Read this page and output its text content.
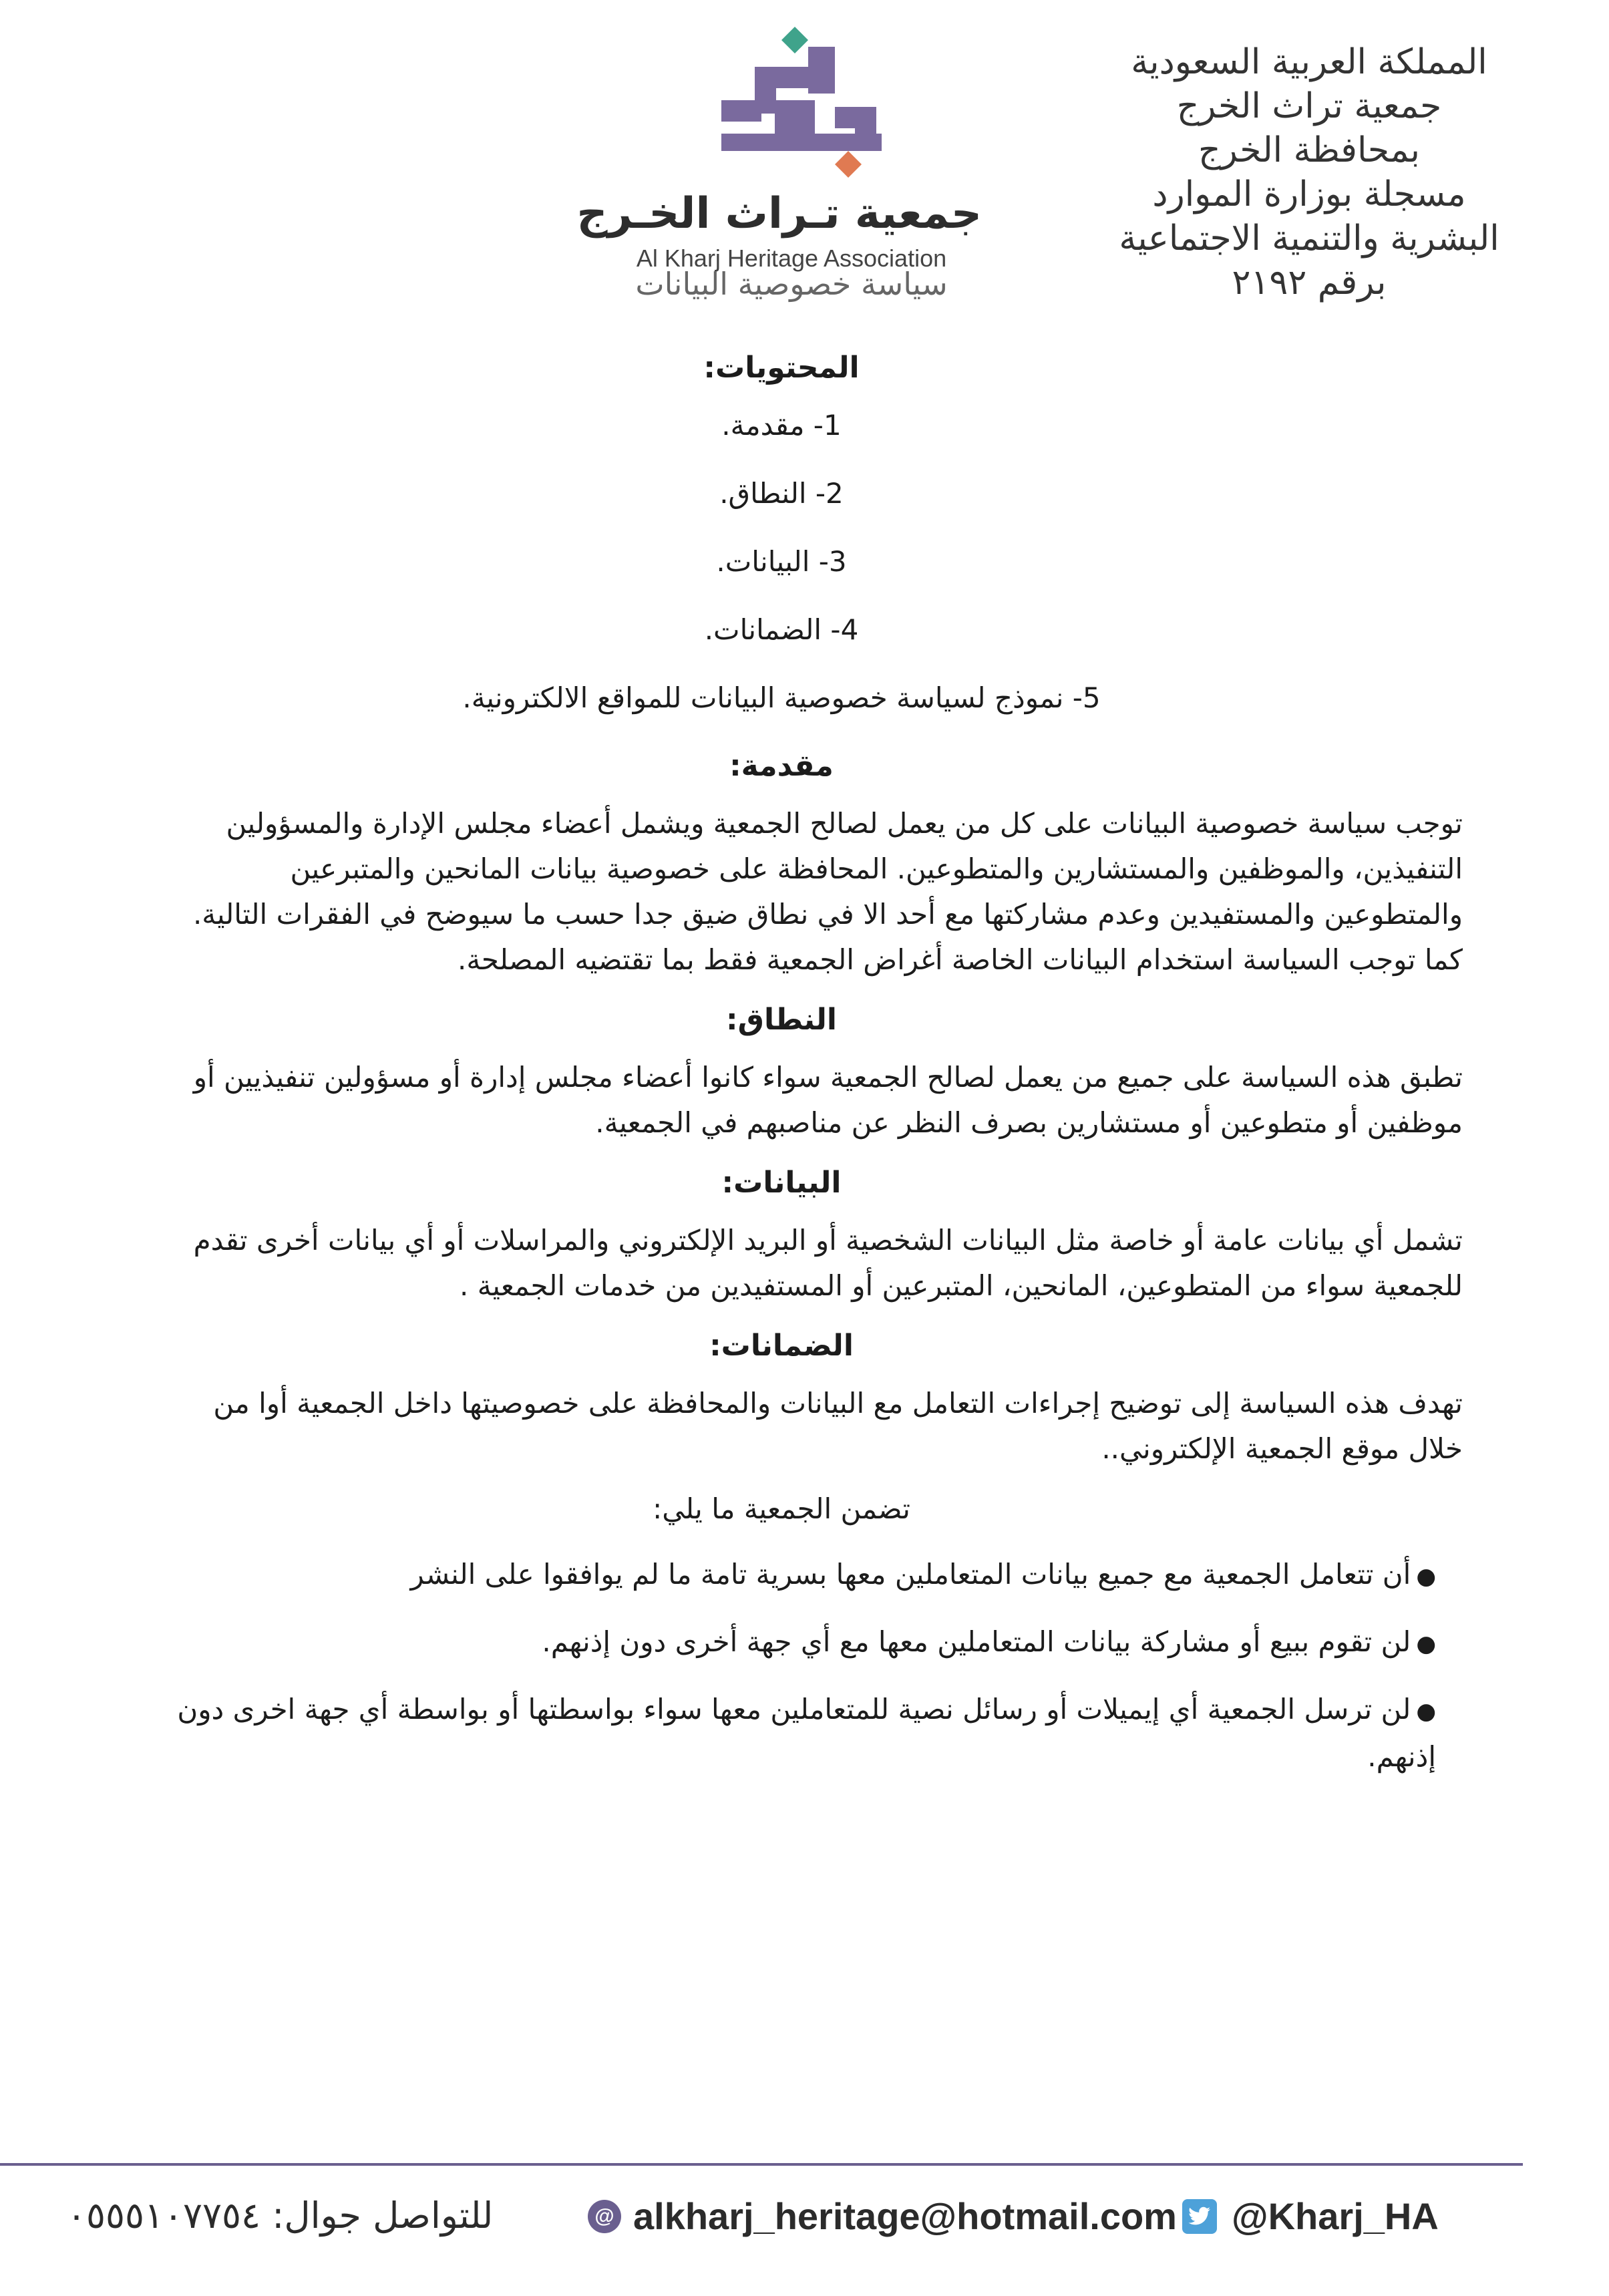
المملكة العربية السعودية
جمعية تراث الخرج
بمحافظة الخرج
مسجلة بوزارة الموارد
البشرية والتنمية الاجتماعية
برقم ٢١٩٢
جمعية تـراث الخـرج
Al Kharj Heritage Association
سياسة خصوصية البيانات
المحتويات:
1- مقدمة.
2- النطاق.
3- البيانات.
4- الضمانات.
5- نموذج لسياسة خصوصية البيانات للمواقع الالكترونية.
مقدمة:
توجب سياسة خصوصية البيانات على كل من يعمل لصالح الجمعية ويشمل أعضاء مجلس الإدارة والمسؤولين
التنفيذين، والموظفين والمستشارين والمتطوعين. المحافظة على خصوصية بيانات المانحين والمتبرعين
والمتطوعين والمستفيدين وعدم مشاركتها مع أحد الا في نطاق ضيق جدا حسب ما سيوضح في الفقرات التالية.
كما توجب السياسة استخدام البيانات الخاصة أغراض الجمعية فقط بما تقتضيه المصلحة.
النطاق:
تطبق هذه السياسة على جميع من يعمل لصالح الجمعية سواء كانوا أعضاء مجلس إدارة أو مسؤولين تنفيذيين أو
موظفين أو متطوعين أو مستشارين بصرف النظر عن مناصبهم في الجمعية.
البيانات:
تشمل أي بيانات عامة أو خاصة مثل البيانات الشخصية أو البريد الإلكتروني والمراسلات أو أي بيانات أخرى تقدم
للجمعية سواء من المتطوعين، المانحين، المتبرعين أو المستفيدين من خدمات الجمعية .
الضمانات:
تهدف هذه السياسة إلى توضيح إجراءات التعامل مع البيانات والمحافظة على خصوصيتها داخل الجمعية أوا من
خلال موقع الجمعية الإلكتروني..
تضمن الجمعية ما يلي:
●أن تتعامل الجمعية مع جميع بيانات المتعاملين معها بسرية تامة ما لم يوافقوا على النشر
●لن تقوم ببيع أو مشاركة بيانات المتعاملين معها مع أي جهة أخرى دون إذنهم.
●لن ترسل الجمعية أي إيميلات أو رسائل نصية للمتعاملين معها سواء بواسطتها أو بواسطة أي جهة اخرى دون إذنهم.
للتواصل جوال: ٠٥٥٥١٠٧٧٥٤	@ alkharj_heritage@hotmail.com @Kharj_HA
